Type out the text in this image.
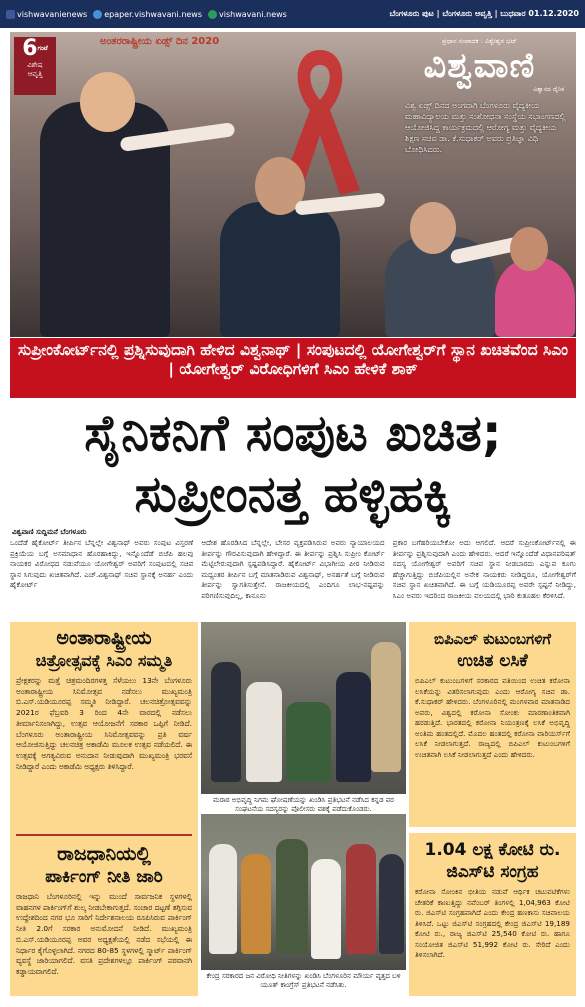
vishwavanienews epaper.vishwavani.news vishwavani.news	ಬೆಂಗಳೂರು ಪುಟ | ಬೆಂಗಳೂರು ಆವೃತ್ತಿ | ಬುಧವಾರ 01.12.2020
ಅಂತರರಾಷ್ಟ್ರೀಯ ಏಡ್ಸ್ ದಿನ 2020
$6^{ಗಂಟೆ}$
ವಿಶೇಷ
ಆವೃತ್ತಿ
ಪ್ರಧಾನ ಸಂಪಾದಕ : ವಿಶ್ವೇಶ್ವರ ಭಟ್
ವಿಶ್ವವಾಣಿ
ವಿಶ್ವಾಸದ ದೈನಿಕ
ವಿಶ್ವ ಏಡ್ಸ್ ದಿನದ ಅಂಗವಾಗಿ ಬೆಂಗಳೂರು ವೈದ್ಯಕೀಯ ಮಹಾವಿದ್ಯಾಲಯ ಮತ್ತು ಸಂಶೋಧನಾ ಸಂಸ್ಥೆಯ ಸಭಾಂಗಣದಲ್ಲಿ ಆಯೋಜಿಸಿದ್ದ ಕಾರ್ಯಕ್ರಮದಲ್ಲಿ ಆರೋಗ್ಯ ಮತ್ತು ವೈದ್ಯಕೀಯ ಶಿಕ್ಷಣ ಸಚಿವ ಡಾ. ಕೆ.ಸುಧಾಕರ್ ಅವರು ಪ್ರತಿಜ್ಞಾ ವಿಧಿ ಬೋಧಿಸಿದರು.
ಸುಪ್ರೀಂಕೋರ್ಟ್‌ನಲ್ಲಿ ಪ್ರಶ್ನಿಸುವುದಾಗಿ ಹೇಳಿದ ವಿಶ್ವನಾಥ್ | ಸಂಪುಟದಲ್ಲಿ ಯೋಗೇಶ್ವರ್‌ಗೆ ಸ್ಥಾನ ಖಚಿತವೆಂದ ಸಿಎಂ | ಯೋಗೇಶ್ವರ್ ವಿರೋಧಿಗಳಿಗೆ ಸಿಎಂ ಹೇಳಿಕೆ ಶಾಕ್
ಸೈನಿಕನಿಗೆ ಸಂಪುಟ ಖಚಿತ;
ಸುಪ್ರೀಂನತ್ತ ಹಳ್ಳಿಹಕ್ಕಿ
ವಿಶ್ವವಾಣಿ ಸುದ್ದಿಮನೆ ಬೆಂಗಳೂರು
ಒಂದೆಡೆ ಹೈಕೋರ್ಟ್ ತೀರ್ಪಿನ ಬೆನ್ನಲ್ಲೇ ವಿಶ್ವನಾಥ್ ಅವರು ಸಂಪುಟ ವಿಸ್ತರಣೆ ಪ್ರಕ್ರಿಯೆಯ ಬಗ್ಗೆ ಅಸಮಾಧಾನ ಹೊರಹಾಕಿದ್ದು, ಇನ್ನೊಂದೆಡೆ ಬಿಜೆಪಿ ಹಲವು ನಾಯಕರ ವಿರೋಧದ ನಡುವೆಯೂ ಯೋಗೇಶ್ವರ್ ಅವರಿಗೆ ಸಂಪುಟದಲ್ಲಿ ಸಚಿವ ಸ್ಥಾನ ಸಿಗುವುದು ಖಚಿತವಾಗಿದೆ. ಎಚ್.ವಿಶ್ವನಾಥ್ ಸಚಿವ ಸ್ಥಾನಕ್ಕೆ ಅನರ್ಹ ಎಂದು ಹೈಕೋರ್ಟ್
ಆದೇಶ ಹೊರಡಿಸಿದ ಬೆನ್ನಲ್ಲೇ, ಬೇಸರ ವ್ಯಕ್ತಪಡಿಸಿರುವ ಅವರು ನ್ಯಾಯಾಲಯದ ತೀರ್ಪನ್ನು ಗೌರವಿಸುವುದಾಗಿ ಹೇಳಿದ್ದಾರೆ. ಈ ತೀರ್ಪನ್ನು ಪ್ರಶ್ನಿಸಿ ಸುಪ್ರೀಂ ಕೋರ್ಟ್ ಮೆಟ್ಟಿಲೇರುವುದಾಗಿ ಸ್ಪಷ್ಟಪಡಿಸಿದ್ದಾರೆ. ಹೈಕೋರ್ಟ್ ವಿಭಾಗೀಯ ಪೀಠ ನೀಡಿರುವ ಮಧ್ಯಂತರ ತೀರ್ಪಿನ ಬಗ್ಗೆ ಮಾತನಾಡಿರುವ ವಿಶ್ವನಾಥ್, ಅನರ್ಹತೆ ಬಗ್ಗೆ ನೀಡಿರುವ ತೀರ್ಪನ್ನು ಸ್ವಾಗತಿಸುತ್ತೇನೆ. ರಾಜಕೀಯದಲ್ಲಿ ಎಂದಿಗೂ ಲಾಭ-ನಷ್ಟವನ್ನು ಪರಿಗಣಿಸುವುದಿಲ್ಲ, ಕಾನೂನು
ಪ್ರಕಾರ ಬಗೆಹರಿಯಬೇಕೋ ಅದು ಆಗಲಿದೆ. ಆದರೆ ಸುಪ್ರೀಂಕೋರ್ಟ್‌ನಲ್ಲಿ ಈ ತೀರ್ಪನ್ನು ಪ್ರಶ್ನಿಸುವುದಾಗಿ ಎಂದು ಹೇಳಿದರು. ಆದರೆ ಇನ್ನೊಂದೆಡೆ ವಿಧಾನಪರಿಷತ್ ಸದಸ್ಯ ಯೋಗೇಶ್ವರ್ ಅವರಿಗೆ ಸಚಿವ ಸ್ಥಾನ ನೀಡಬಾರದು ಎನ್ನುವ ಕೂಗು ಹೆಚ್ಚಾಗುತ್ತಿದ್ದು ಬಿಜೆಪಿಯಲ್ಲಿನ ಅನೇಕ ನಾಯಕರು ನೀಡಿದ್ದರೂ, ಯೋಗೇಶ್ವರ್‌ಗೆ ಸಚಿವ ಸ್ಥಾನ ಖಚಿತವಾಗಿದೆ. ಈ ಬಗ್ಗೆ ಯಡಿಯೂರಪ್ಪ ಅವರೇ ಸ್ಪಷ್ಟನೆ ನೀಡಿದ್ದು, ಸಿಎಂ ಅವರು ಇದರಿಂದ ರಾಜಕೀಯ ವಲಯದಲ್ಲಿ ಭಾರಿ ಕುತೂಹಲ ಕೆರಳಿಸಿದೆ.
ಅಂತಾರಾಷ್ಟ್ರೀಯ
ಚಿತ್ರೋತ್ಸವಕ್ಕೆ ಸಿಎಂ ಸಮ್ಮತಿ
ಪ್ರೇಕ್ಷಕರನ್ನು ಮತ್ತೆ ಚಿತ್ರಮಂದಿರಗಳತ್ತ ಸೆಳೆಯಲು 13ನೇ ಬೆಂಗಳೂರು ಅಂತಾರಾಷ್ಟ್ರೀಯ ಸಿನಿಮೋತ್ಸವ ನಡೆಸಲು ಮುಖ್ಯಮಂತ್ರಿ ಬಿ.ಎಸ್.ಯಡಿಯೂರಪ್ಪ ಸಮ್ಮತಿ ನೀಡಿದ್ದಾರೆ. ಚಲನಚಿತ್ರೋತ್ಸವವನ್ನು 2021ರ ಫೆಬ್ರವರಿ 3 ರಿಂದ 4ನೇ ವಾರದಲ್ಲಿ ನಡೆಸಲು ತೀರ್ಮಾನಿಸಲಾಗಿದ್ದು, ಉತ್ಸವ ಆಯೋಜನೆಗೆ ಸರಕಾರ ಒಪ್ಪಿಗೆ ನೀಡಿದೆ. ಬೆಂಗಳೂರು ಅಂತಾರಾಷ್ಟ್ರೀಯ ಸಿನಿಮೋತ್ಸವವನ್ನು ಪ್ರತಿ ವರ್ಷ ಆಯೋಜಿಸುತ್ತಿದ್ದು ಚಲನಚಿತ್ರ ಅಕಾಡೆಮಿ ಮೂಲಕ ಉತ್ಸವ ನಡೆಯಲಿದೆ. ಈ ಉತ್ಸವಕ್ಕೆ ಅಗತ್ಯವಿರುವ ಅನುದಾನ ನೀಡುವುದಾಗಿ ಮುಖ್ಯಮಂತ್ರಿ ಭರವಸೆ ನೀಡಿದ್ದಾರೆ ಎಂದು ಅಕಾಡೆಮಿ ಅಧ್ಯಕ್ಷರು ತಿಳಿಸಿದ್ದಾರೆ.
ರಾಜಧಾನಿಯಲ್ಲಿ
ಪಾರ್ಕಿಂಗ್ ನೀತಿ ಜಾರಿ
ರಾಜಧಾನಿ ಬೆಂಗಳೂರಿನಲ್ಲಿ ಇನ್ನು ಮುಂದೆ ಸಾರ್ವಜನಿಕ ಸ್ಥಳಗಳಲ್ಲಿ ವಾಹನಗಳ ಪಾರ್ಕಿಂಗ್‌ಗೆ ಶುಲ್ಕ ನೀಡಬೇಕಾಗುತ್ತದೆ. ಸಂಚಾರ ದಟ್ಟಣೆ ತಗ್ಗಿಸುವ ಉದ್ದೇಶದಿಂದ ನಗರ ಭೂ ಸಾರಿಗೆ ನಿರ್ದೇಶನಾಲಯ ರೂಪಿಸಿರುವ ಪಾರ್ಕಿಂಗ್ ನೀತಿ 2.0ಗೆ ಸರಕಾರ ಅನುಮೋದನೆ ನೀಡಿದೆ. ಮುಖ್ಯಮಂತ್ರಿ ಬಿ.ಎಸ್.ಯಡಿಯೂರಪ್ಪ ಅವರ ಅಧ್ಯಕ್ಷತೆಯಲ್ಲಿ ನಡೆದ ಸಭೆಯಲ್ಲಿ ಈ ನಿರ್ಧಾರ ಕೈಗೊಳ್ಳಲಾಗಿದೆ. ನಗರದ 80-85 ಸ್ಥಳಗಳಲ್ಲಿ ಸ್ಮಾರ್ಟ್ ಪಾರ್ಕಿಂಗ್ ವ್ಯವಸ್ಥೆ ಜಾರಿಯಾಗಲಿದೆ. ವಸತಿ ಪ್ರದೇಶಗಳಲ್ಲೂ ಪಾರ್ಕಿಂಗ್ ಪರವಾನಗಿ ಕಡ್ಡಾಯವಾಗಲಿದೆ.
ಮರಾಠ ಅಭಿವೃದ್ಧಿ ನಿಗಮ ಘೋಷಣೆಯನ್ನು ಖಂಡಿಸಿ ಪ್ರತಿಭಟನೆ ನಡೆಸಿದ ಕನ್ನಡ ಪರ ಸಂಘಟನೆಯ ಸದಸ್ಯರನ್ನು ಪೊಲೀಸರು ವಶಕ್ಕೆ ಪಡೆದುಕೊಂಡರು.
ಕೇಂದ್ರ ಸರಕಾರದ ಜನ ವಿರೋಧಿ ನೀತಿಗಳನ್ನು ಖಂಡಿಸಿ ಬೆಂಗಳೂರಿನ ಮೌರ್ಯ ವೃತ್ತದ ಬಳಿ ಯೂತ್ ಕಾಂಗ್ರೆಸ್ ಪ್ರತಿಭಟನೆ ನಡೆಸಿತು.
ಬಿಪಿಎಲ್ ಕುಟುಂಬಗಳಿಗೆ
ಉಚಿತ ಲಸಿಕೆ
ಬಿಪಿಎಲ್ ಕುಟುಂಬಗಳಿಗೆ ಸರಕಾರದ ವತಿಯಿಂದ ಉಚಿತ ಕರೋನಾ ಲಸಿಕೆಯನ್ನು ವಿತರಿಸಲಾಗುವುದು ಎಂದು ಆರೋಗ್ಯ ಸಚಿವ ಡಾ. ಕೆ.ಸುಧಾಕರ್ ಹೇಳಿದರು. ಬೆಂಗಳೂರಿನಲ್ಲಿ ಮಂಗಳವಾರ ಮಾತನಾಡಿದ ಅವರು, ವಿಶ್ವದಲ್ಲಿ ಕರೋನಾ ಸೋಂಕು ಮಾರಣಾಂತಿಕವಾಗಿ ಹರಡುತ್ತಿದೆ. ಭಾರತದಲ್ಲಿ ಕರೋನಾ ನಿಯಂತ್ರಣಕ್ಕೆ ಲಸಿಕೆ ಅಭಿವೃದ್ಧಿ ಅಂತಿಮ ಹಂತದಲ್ಲಿದೆ. ಮೊದಲ ಹಂತದಲ್ಲಿ ಕರೋನಾ ವಾರಿಯರ್ಸ್‌ಗೆ ಲಸಿಕೆ ನೀಡಲಾಗುತ್ತದೆ. ರಾಜ್ಯದಲ್ಲಿ ಬಿಪಿಎಲ್ ಕುಟುಂಬಗಳಿಗೆ ಉಚಿತವಾಗಿ ಲಸಿಕೆ ನೀಡಲಾಗುತ್ತದೆ ಎಂದು ಹೇಳಿದರು.
1.04 ಲಕ್ಷ ಕೋಟಿ ರು.
ಜಿಎಸ್‌ಟಿ ಸಂಗ್ರಹ
ಕರೋನಾ ಸೋಂಕಿನ ಭೀತಿಯ ನಡುವೆ ಆರ್ಥಿಕ ಚಟುವಟಿಕೆಗಳು ಚೇತರಿಕೆ ಕಾಣುತ್ತಿದ್ದು ನವೆಂಬರ್ ತಿಂಗಳಲ್ಲಿ 1,04,963 ಕೋಟಿ ರು. ಜಿಎಸ್‌ಟಿ ಸಂಗ್ರಹವಾಗಿದೆ ಎಂದು ಕೇಂದ್ರ ಹಣಕಾಸು ಸಚಿವಾಲಯ ತಿಳಿಸಿದೆ. ಒಟ್ಟು ಜಿಎಸ್‌ಟಿ ಸಂಗ್ರಹದಲ್ಲಿ ಕೇಂದ್ರ ಜಿಎಸ್‌ಟಿ 19,189 ಕೋಟಿ ರು., ರಾಜ್ಯ ಜಿಎಸ್‌ಟಿ 25,540 ಕೋಟಿ ರು. ಹಾಗೂ ಸಂಯೋಜಿತ ಜಿಎಸ್‌ಟಿ 51,992 ಕೋಟಿ ರು. ಸೇರಿದೆ ಎಂದು ತಿಳಿಸಲಾಗಿದೆ.
